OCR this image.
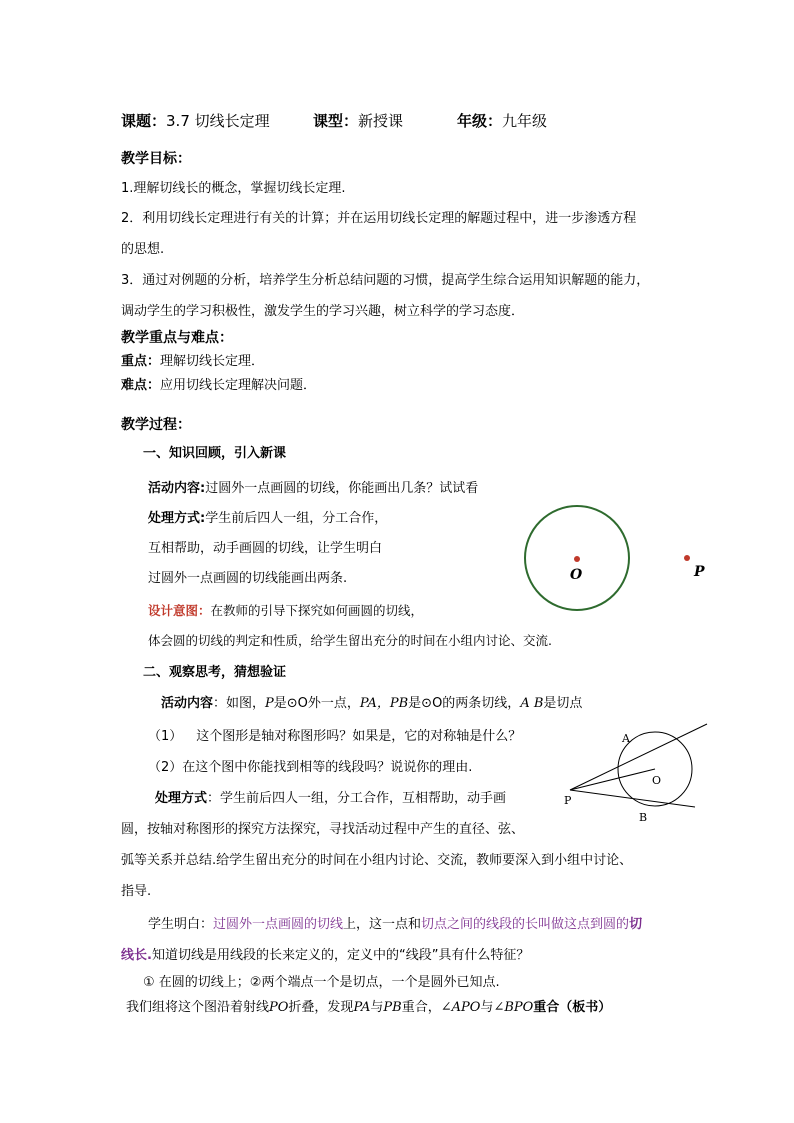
课题：3.7 切线长定理	课型：新授课	年级：九年级
教学目标：
1.理解切线长的概念，掌握切线长定理.
2．利用切线长定理进行有关的计算；并在运用切线长定理的解题过程中，进一步渗透方程
的思想.
3．通过对例题的分析，培养学生分析总结问题的习惯，提高学生综合运用知识解题的能力，
调动学生的学习积极性，激发学生的学习兴趣，树立科学的学习态度．
教学重点与难点：
重点：理解切线长定理．
难点：应用切线长定理解决问题．
教学过程：
一、知识回顾，引入新课
活动内容:过圆外一点画圆的切线，你能画出几条？试试看
处理方式:学生前后四人一组，分工合作，
互相帮助，动手画圆的切线，让学生明白
过圆外一点画圆的切线能画出两条.
设计意图：在教师的引导下探究如何画圆的切线，
体会圆的切线的判定和性质，给学生留出充分的时间在小组内讨论、交流.
O	P
二、观察思考，猜想验证
活动内容：如图，P是⊙O外一点，PA，PB是⊙O的两条切线，A B是切点
（1） 这个图形是轴对称图形吗？如果是，它的对称轴是什么？
（2）在这个图中你能找到相等的线段吗？说说你的理由.
A
B
O
P
处理方式：学生前后四人一组，分工合作，互相帮助，动手画
圆，按轴对称图形的探究方法探究，寻找活动过程中产生的直径、弦、
弧等关系并总结.给学生留出充分的时间在小组内讨论、交流，教师要深入到小组中讨论、
指导.
学生明白：过圆外一点画圆的切线上，这一点和切点之间的线段的长叫做这点到圆的切
线长.知道切线是用线段的长来定义的，定义中的“线段”具有什么特征？
① 在圆的切线上；②两个端点一个是切点，一个是圆外已知点.
我们组将这个图沿着射线PO折叠，发现PA与PB重合，∠APO与∠BPO重合（板书）
